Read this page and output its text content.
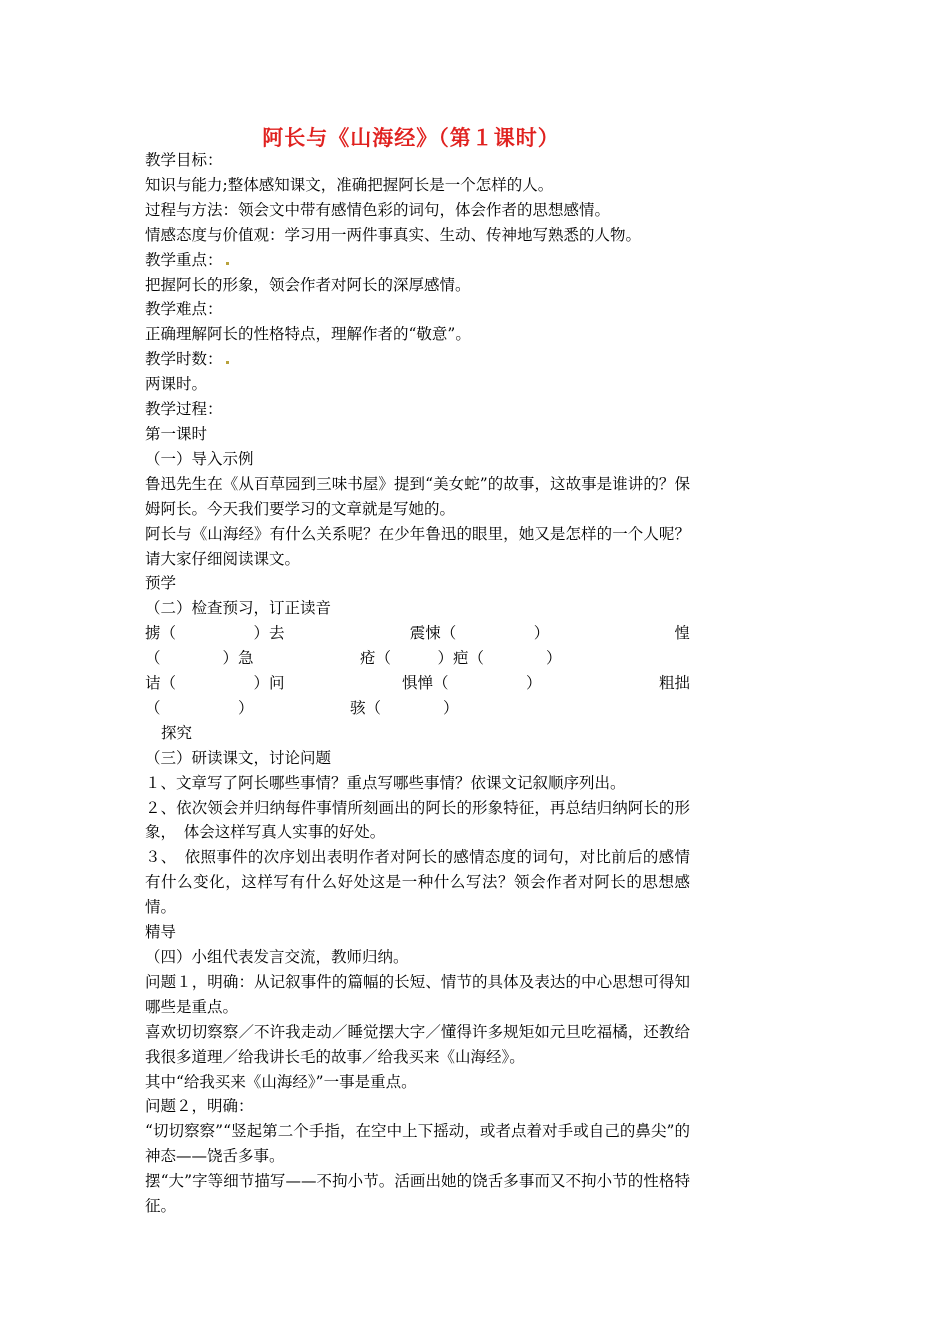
阿长与《山海经》（第１课时）

教学目标：

知识与能力;整体感知课文，准确把握阿长是一个怎样的人。

过程与方法：领会文中带有感情色彩的词句，体会作者的思想感情。

情感态度与价值观：学习用一两件事真实、生动、传神地写熟悉的人物。

教学重点：

把握阿长的形象，领会作者对阿长的深厚感情。

教学难点：

正确理解阿长的性格特点，理解作者的“敬意”。

教学时数：

两课时。

教学过程：

第一课时

（一）导入示例

鲁迅先生在《从百草园到三味书屋》提到“美女蛇”的故事，这故事是谁讲的？保姆阿长。今天我们要学习的文章就是写她的。

阿长与《山海经》有什么关系呢？在少年鲁迅的眼里，她又是怎样的一个人呢？请大家仔细阅读课文。

预学

（二）检查预习，订正读音

掳（　　　　　）去	震悚（　　　　　）	惶
（　　　　）急	疮（　　　）疤（　　　　）
诘（　　　　　）问	惧惮（　　　　　）	粗拙
（　　　　　）	骇（　　　　）

探究

（三）研读课文，讨论问题

１、文章写了阿长哪些事情？重点写哪些事情？依课文记叙顺序列出。

２、依次领会并归纳每件事情所刻画出的阿长的形象特征，再总结归纳阿长的形象，　体会这样写真人实事的好处。

３、　依照事件的次序划出表明作者对阿长的感情态度的词句，对比前后的感情有什么变化，这样写有什么好处这是一种什么写法？领会作者对阿长的思想感情。

精导

（四）小组代表发言交流，教师归纳。

问题１，明确：从记叙事件的篇幅的长短、情节的具体及表达的中心思想可得知哪些是重点。

喜欢切切察察／不许我走动／睡觉摆大字／懂得许多规矩如元旦吃福橘，还教给我很多道理／给我讲长毛的故事／给我买来《山海经》。

其中“给我买来《山海经》”一事是重点。

问题２，明确：

“切切察察”“竖起第二个手指，在空中上下摇动，或者点着对手或自己的鼻尖”的神态——饶舌多事。

摆“大”字等细节描写——不拘小节。活画出她的饶舌多事而又不拘小节的性格特征。
